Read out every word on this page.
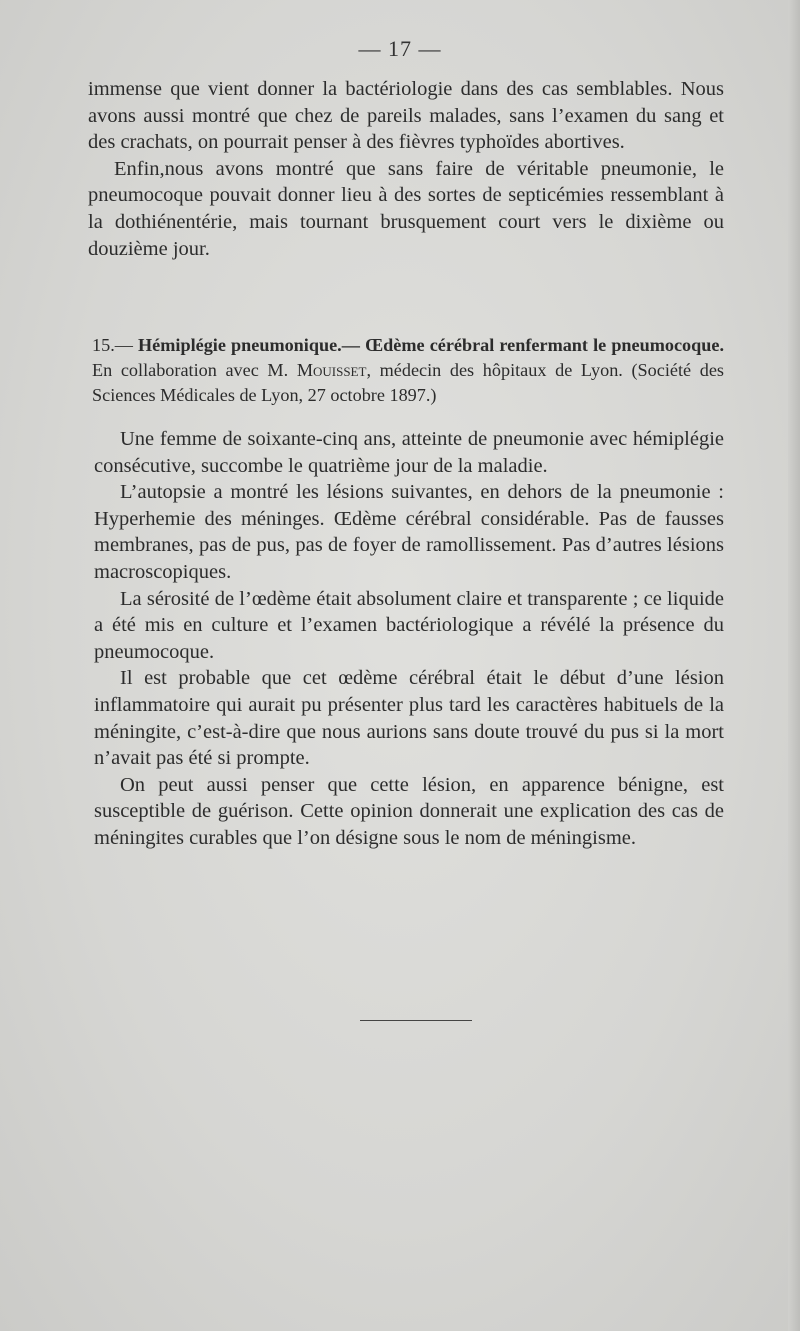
— 17 —

immense que vient donner la bactériologie dans des cas semblables. Nous avons aussi montré que chez de pareils malades, sans l’examen du sang et des crachats, on pourrait penser à des fièvres typhoïdes abortives.

Enfin,nous avons montré que sans faire de véritable pneumonie, le pneumocoque pouvait donner lieu à des sortes de septicémies ressemblant à la dothiénentérie, mais tournant brusquement court vers le dixième ou douzième jour.

15.— Hémiplégie pneumonique.— Œdème cérébral renfermant le pneumocoque. En collaboration avec M. Mouisset, médecin des hôpitaux de Lyon. (Société des Sciences Médicales de Lyon, 27 octobre 1897.)

Une femme de soixante-cinq ans, atteinte de pneumonie avec hémiplégie consécutive, succombe le quatrième jour de la maladie.

L’autopsie a montré les lésions suivantes, en dehors de la pneumonie : Hyperhemie des méninges. Œdème cérébral considérable. Pas de fausses membranes, pas de pus, pas de foyer de ramollissement. Pas d’autres lésions macroscopiques.

La sérosité de l’œdème était absolument claire et transparente ; ce liquide a été mis en culture et l’examen bactériologique a révélé la présence du pneumocoque.

Il est probable que cet œdème cérébral était le début d’une lésion inflammatoire qui aurait pu présenter plus tard les caractères habituels de la méningite, c’est-à-dire que nous aurions sans doute trouvé du pus si la mort n’avait pas été si prompte.

On peut aussi penser que cette lésion, en apparence bénigne, est susceptible de guérison. Cette opinion donnerait une explication des cas de méningites curables que l’on désigne sous le nom de méningisme.
